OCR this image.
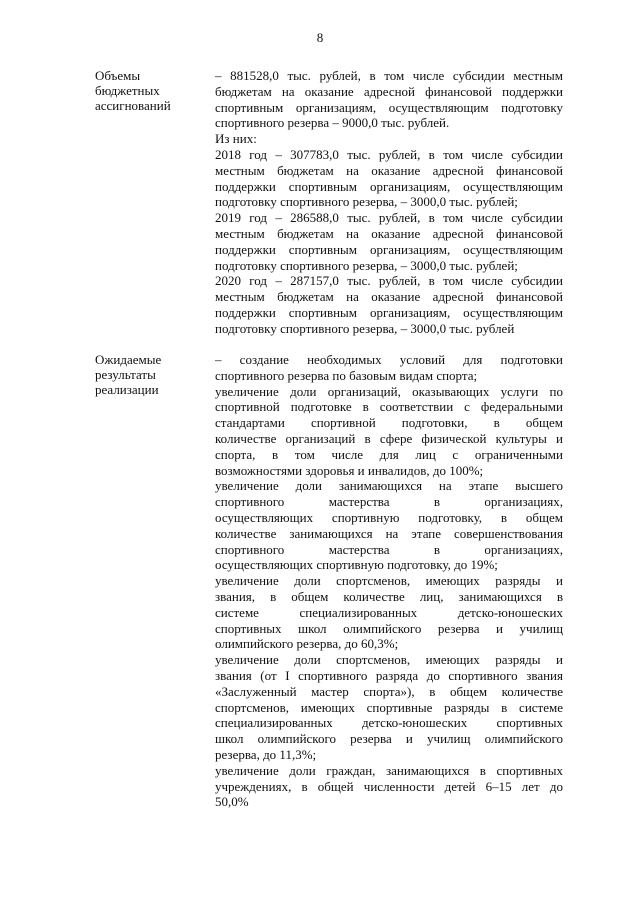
8
Объемы
бюджетных
ассигнований
– 881528,0 тыс. рублей, в том числе субсидии местным
бюджетам на оказание адресной финансовой поддержки
спортивным организациям, осуществляющим подготовку
спортивного резерва – 9000,0 тыс. рублей.
Из них:
2018 год – 307783,0 тыс. рублей, в том числе субсидии
местным бюджетам на оказание адресной финансовой
поддержки спортивным организациям, осуществляющим
подготовку спортивного резерва, – 3000,0 тыс. рублей;
2019 год – 286588,0 тыс. рублей, в том числе субсидии
местным бюджетам на оказание адресной финансовой
поддержки спортивным организациям, осуществляющим
подготовку спортивного резерва, – 3000,0 тыс. рублей;
2020 год – 287157,0 тыс. рублей, в том числе субсидии
местным бюджетам на оказание адресной финансовой
поддержки спортивным организациям, осуществляющим
подготовку спортивного резерва, – 3000,0 тыс. рублей
Ожидаемые
результаты
реализации
– создание необходимых условий для подготовки
спортивного резерва по базовым видам спорта;
увеличение доли организаций, оказывающих услуги по
спортивной подготовке в соответствии с федеральными
стандартами спортивной подготовки, в общем
количестве организаций в сфере физической культуры и
спорта, в том числе для лиц с ограниченными
возможностями здоровья и инвалидов, до 100%;
увеличение доли занимающихся на этапе высшего
спортивного мастерства в организациях,
осуществляющих спортивную подготовку, в общем
количестве занимающихся на этапе совершенствования
спортивного мастерства в организациях,
осуществляющих спортивную подготовку, до 19%;
увеличение доли спортсменов, имеющих разряды и
звания, в общем количестве лиц, занимающихся в
системе специализированных детско-юношеских
спортивных школ олимпийского резерва и училищ
олимпийского резерва, до 60,3%;
увеличение доли спортсменов, имеющих разряды и
звания (от I спортивного разряда до спортивного звания
«Заслуженный мастер спорта»), в общем количестве
спортсменов, имеющих спортивные разряды в системе
специализированных детско-юношеских спортивных
школ олимпийского резерва и училищ олимпийского
резерва, до 11,3%;
увеличение доли граждан, занимающихся в спортивных
учреждениях, в общей численности детей 6–15 лет до
50,0%
